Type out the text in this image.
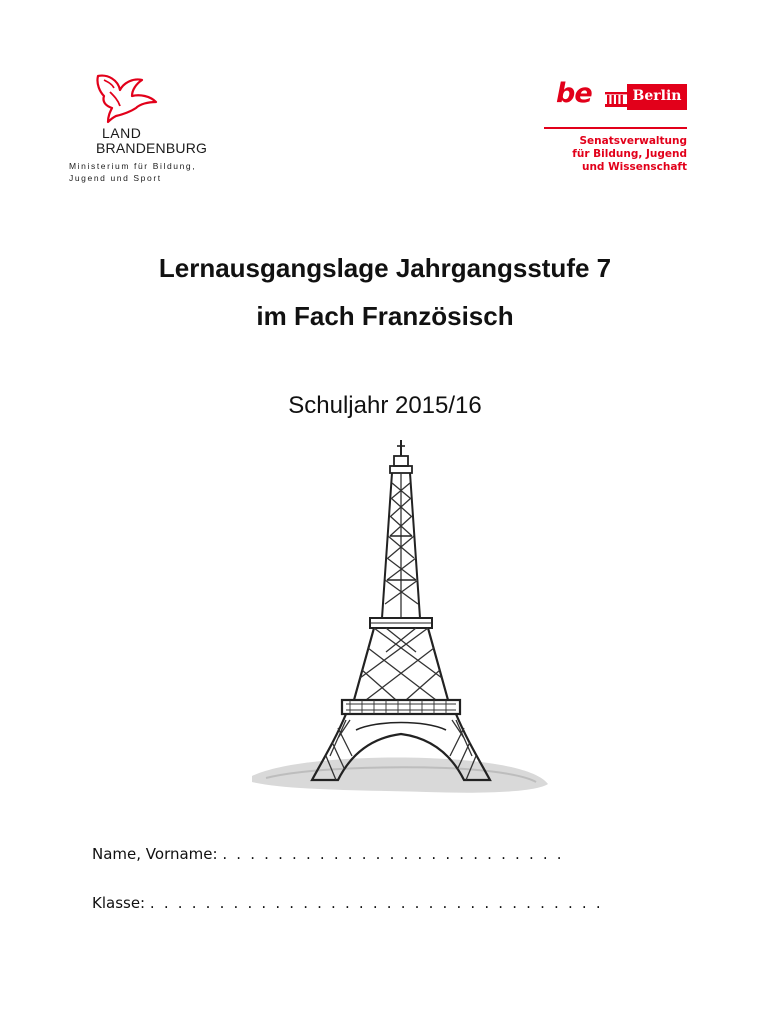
LAND
BRANDENBURG
Ministerium für Bildung,
Jugend und Sport
be	Berlin
Senatsverwaltung
für Bildung, Jugend
und Wissenschaft
Lernausgangslage Jahrgangsstufe 7
im Fach Französisch
Schuljahr 2015/16
Name, Vorname: . . . . . . . . . . . . . . . . . . . . . . . . .
Klasse: . . . . . . . . . . . . . . . . . . . . . . . . . . . . . . . . .
